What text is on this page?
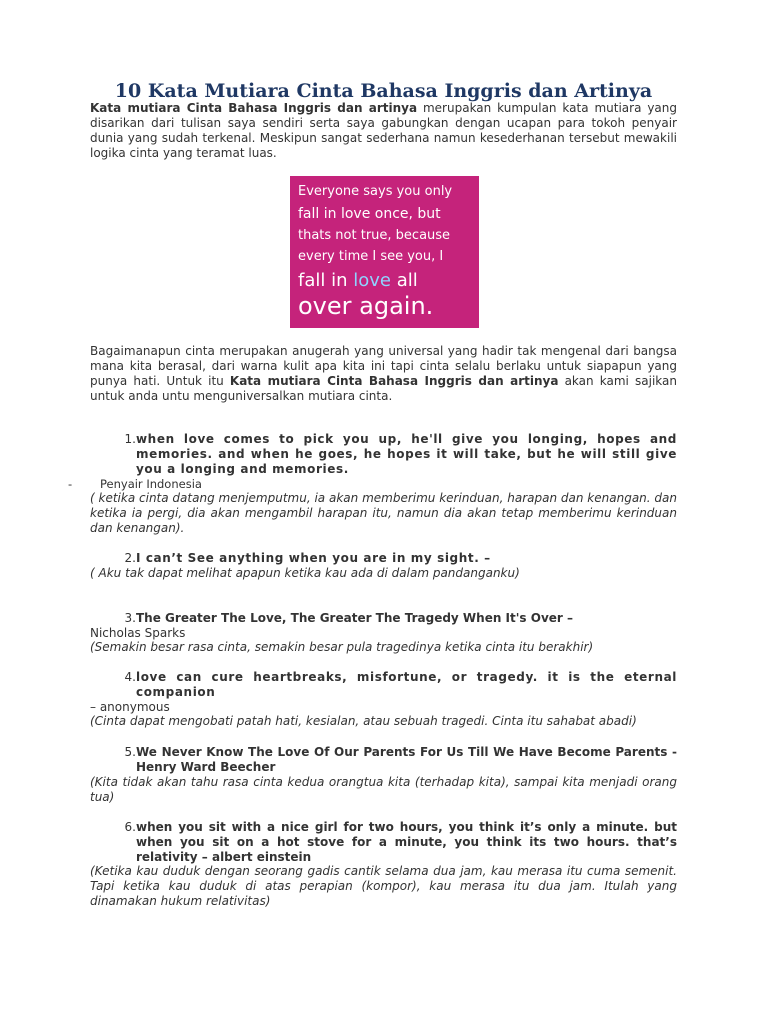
10 Kata Mutiara Cinta Bahasa Inggris dan Artinya

Kata mutiara Cinta Bahasa Inggris dan artinya merupakan kumpulan kata mutiara yang disarikan dari tulisan saya sendiri serta saya gabungkan dengan ucapan para tokoh penyair dunia yang sudah terkenal. Meskipun sangat sederhana namun kesederhanan tersebut mewakili logika cinta yang teramat luas.

Everyone says you only
fall in love once, but
thats not true, because
every time I see you, I
fall in love all
over again.

Bagaimanapun cinta merupakan anugerah yang universal yang hadir tak mengenal dari bangsa mana kita berasal, dari warna kulit apa kita ini tapi cinta selalu berlaku untuk siapapun yang punya hati. Untuk itu Kata mutiara Cinta Bahasa Inggris dan artinya akan kami sajikan untuk anda untu menguniversalkan mutiara cinta.

1. when love comes to pick you up, he'll give you longing, hopes and memories. and when he goes, he hopes it will take, but he will still give you a longing and memories.

- Penyair Indonesia

( ketika cinta datang menjemputmu, ia akan memberimu kerinduan, harapan dan kenangan. dan ketika ia pergi, dia akan mengambil harapan itu, namun dia akan tetap memberimu kerinduan dan kenangan).

2. I can’t See anything when you are in my sight. –

( Aku tak dapat melihat apapun ketika kau ada di dalam pandanganku)

3. The Greater The Love, The Greater The Tragedy When It's Over –

Nicholas Sparks

(Semakin besar rasa cinta, semakin besar pula tragedinya ketika cinta itu berakhir)

4. love can cure heartbreaks, misfortune, or tragedy. it is the eternal companion

– anonymous

(Cinta dapat mengobati patah hati, kesialan, atau sebuah tragedi. Cinta itu sahabat abadi)

5. We Never Know The Love Of Our Parents For Us Till We Have Become Parents -Henry Ward Beecher

(Kita tidak akan tahu rasa cinta kedua orangtua kita (terhadap kita), sampai kita menjadi orang tua)

6. when you sit with a nice girl for two hours, you think it’s only a minute. but when you sit on a hot stove for a minute, you think its two hours. that’s relativity – albert einstein

(Ketika kau duduk dengan seorang gadis cantik selama dua jam, kau merasa itu cuma semenit. Tapi ketika kau duduk di atas perapian (kompor), kau merasa itu dua jam. Itulah yang dinamakan hukum relativitas)
